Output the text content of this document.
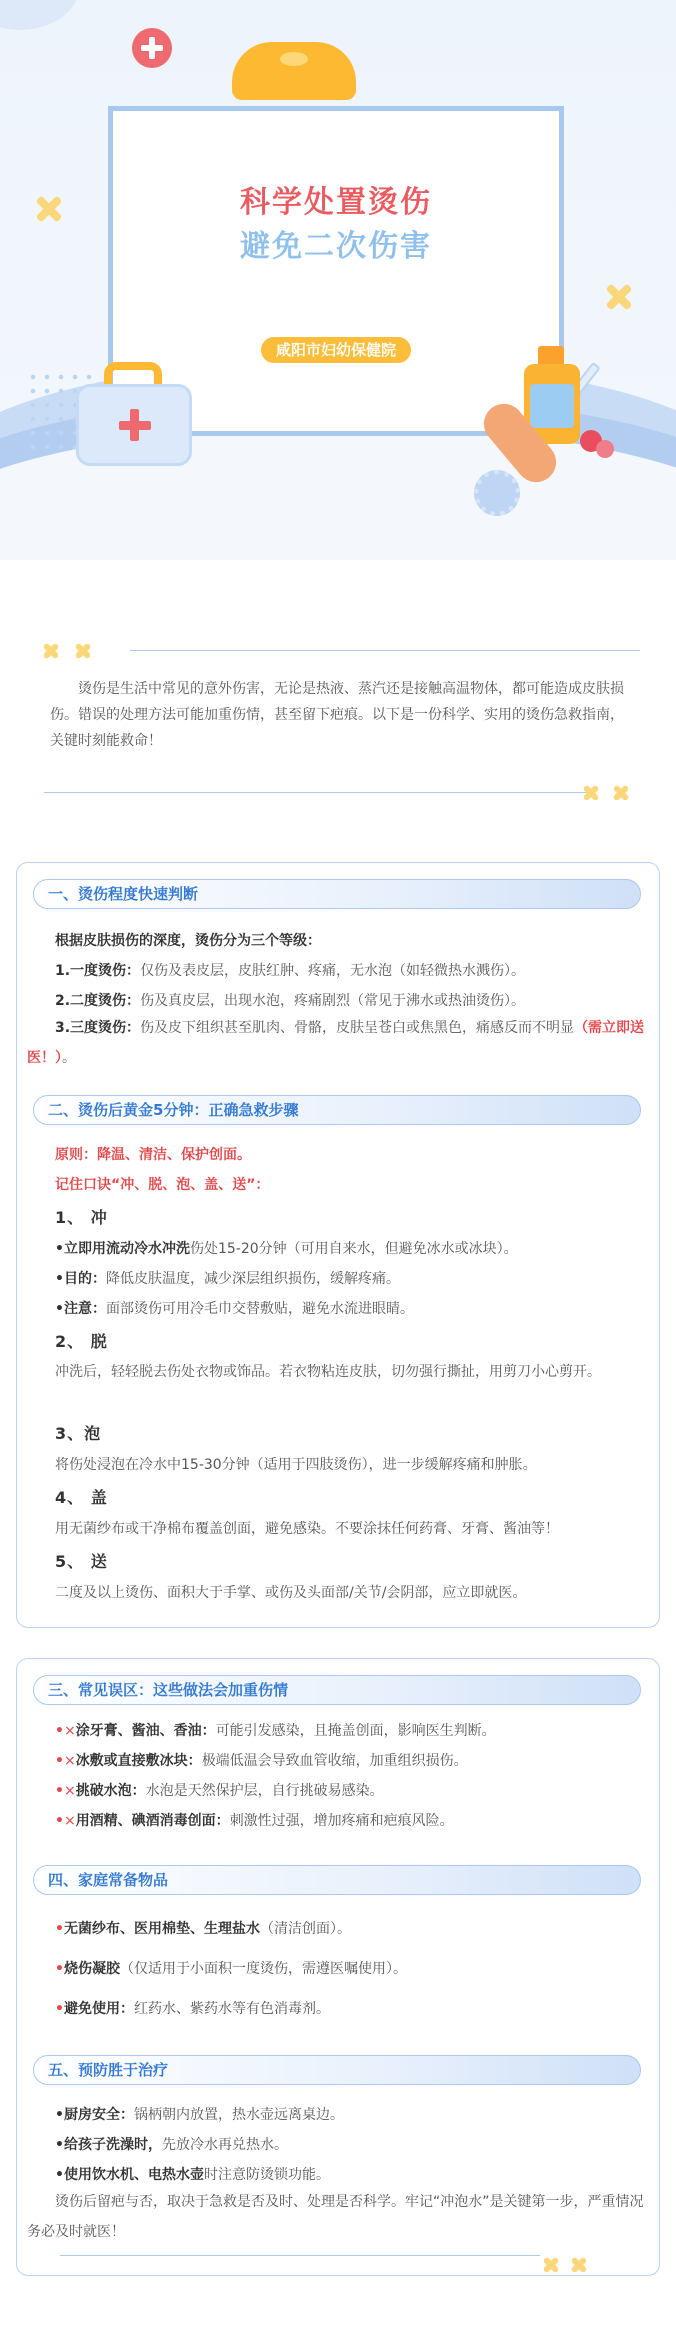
科学处置烫伤
避免二次伤害
咸阳市妇幼保健院
烫伤是生活中常见的意外伤害，无论是热液、蒸汽还是接触高温物体，都可能造成皮肤损伤。错误的处理方法可能加重伤情，甚至留下疤痕。以下是一份科学、实用的烫伤急救指南，关键时刻能救命！
一、烫伤程度快速判断
根据皮肤损伤的深度，烫伤分为三个等级：
1.一度烫伤：仅伤及表皮层，皮肤红肿、疼痛，无水泡（如轻微热水溅伤）。
2.二度烫伤：伤及真皮层，出现水泡，疼痛剧烈（常见于沸水或热油烫伤）。
3.三度烫伤：伤及皮下组织甚至肌肉、骨骼，皮肤呈苍白或焦黑色，痛感反而不明显（需立即送医！）。
二、烫伤后黄金5分钟：正确急救步骤
原则：降温、清洁、保护创面。
记住口诀“冲、脱、泡、盖、送”：
1、 冲
•立即用流动冷水冲洗伤处15-20分钟（可用自来水，但避免冰水或冰块）。
•目的：降低皮肤温度，减少深层组织损伤，缓解疼痛。
•注意：面部烫伤可用冷毛巾交替敷贴，避免水流进眼睛。
2、 脱
冲洗后，轻轻脱去伤处衣物或饰品。若衣物粘连皮肤，切勿强行撕扯，用剪刀小心剪开。
3、泡
将伤处浸泡在冷水中15-30分钟（适用于四肢烫伤），进一步缓解疼痛和肿胀。
4、 盖
用无菌纱布或干净棉布覆盖创面，避免感染。不要涂抹任何药膏、牙膏、酱油等！
5、 送
二度及以上烫伤、面积大于手掌、或伤及头面部/关节/会阴部，应立即就医。
三、常见误区：这些做法会加重伤情
•×涂牙膏、酱油、香油：可能引发感染，且掩盖创面，影响医生判断。
•×冰敷或直接敷冰块：极端低温会导致血管收缩，加重组织损伤。
•×挑破水泡：水泡是天然保护层，自行挑破易感染。
•×用酒精、碘酒消毒创面：刺激性过强，增加疼痛和疤痕风险。
四、家庭常备物品
•无菌纱布、医用棉垫、生理盐水（清洁创面）。
•烧伤凝胶（仅适用于小面积一度烫伤，需遵医嘱使用）。
•避免使用：红药水、紫药水等有色消毒剂。
五、预防胜于治疗
•厨房安全：锅柄朝内放置，热水壶远离桌边。
•给孩子洗澡时，先放冷水再兑热水。
•使用饮水机、电热水壶时注意防烫锁功能。
烫伤后留疤与否，取决于急救是否及时、处理是否科学。牢记“冲泡水”是关键第一步，严重情况务必及时就医！
